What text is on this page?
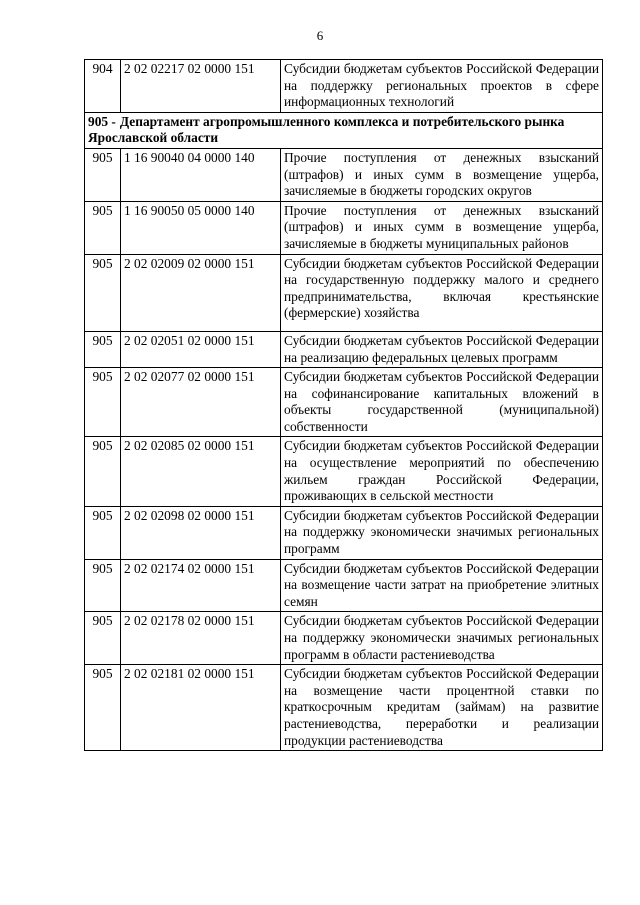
6
904	2 02 02217 02 0000 151	Субсидии бюджетам субъектов Российской Федерации на поддержку региональных проектов в сфере информационных технологий
905 - Департамент агропромышленного комплекса и потребительского рынка Ярославской области		
905	1 16 90040 04 0000 140	Прочие поступления от денежных взысканий (штрафов) и иных сумм в возмещение ущерба, зачисляемые в бюджеты городских округов
905	1 16 90050 05 0000 140	Прочие поступления от денежных взысканий (штрафов) и иных сумм в возмещение ущерба, зачисляемые в бюджеты муниципальных районов
905	2 02 02009 02 0000 151	Субсидии бюджетам субъектов Российской Федерации на государственную поддержку малого и среднего предпринимательства, включая крестьянские (фермерские) хозяйства
905	2 02 02051 02 0000 151	Субсидии бюджетам субъектов Российской Федерации на реализацию федеральных целевых программ
905	2 02 02077 02 0000 151	Субсидии бюджетам субъектов Российской Федерации на софинансирование капитальных вложений в объекты государственной (муниципальной) собственности
905	2 02 02085 02 0000 151	Субсидии бюджетам субъектов Российской Федерации на осуществление мероприятий по обеспечению жильем граждан Российской Федерации, проживающих в сельской местности
905	2 02 02098 02 0000 151	Субсидии бюджетам субъектов Российской Федерации на поддержку экономически значимых региональных программ
905	2 02 02174 02 0000 151	Субсидии бюджетам субъектов Российской Федерации на возмещение части затрат на приобретение элитных семян
905	2 02 02178 02 0000 151	Субсидии бюджетам субъектов Российской Федерации на поддержку экономически значимых региональных программ в области растениеводства
905	2 02 02181 02 0000 151	Субсидии бюджетам субъектов Российской Федерации на возмещение части процентной ставки по краткосрочным кредитам (займам) на развитие растениеводства, переработки и реализации продукции растениеводства
